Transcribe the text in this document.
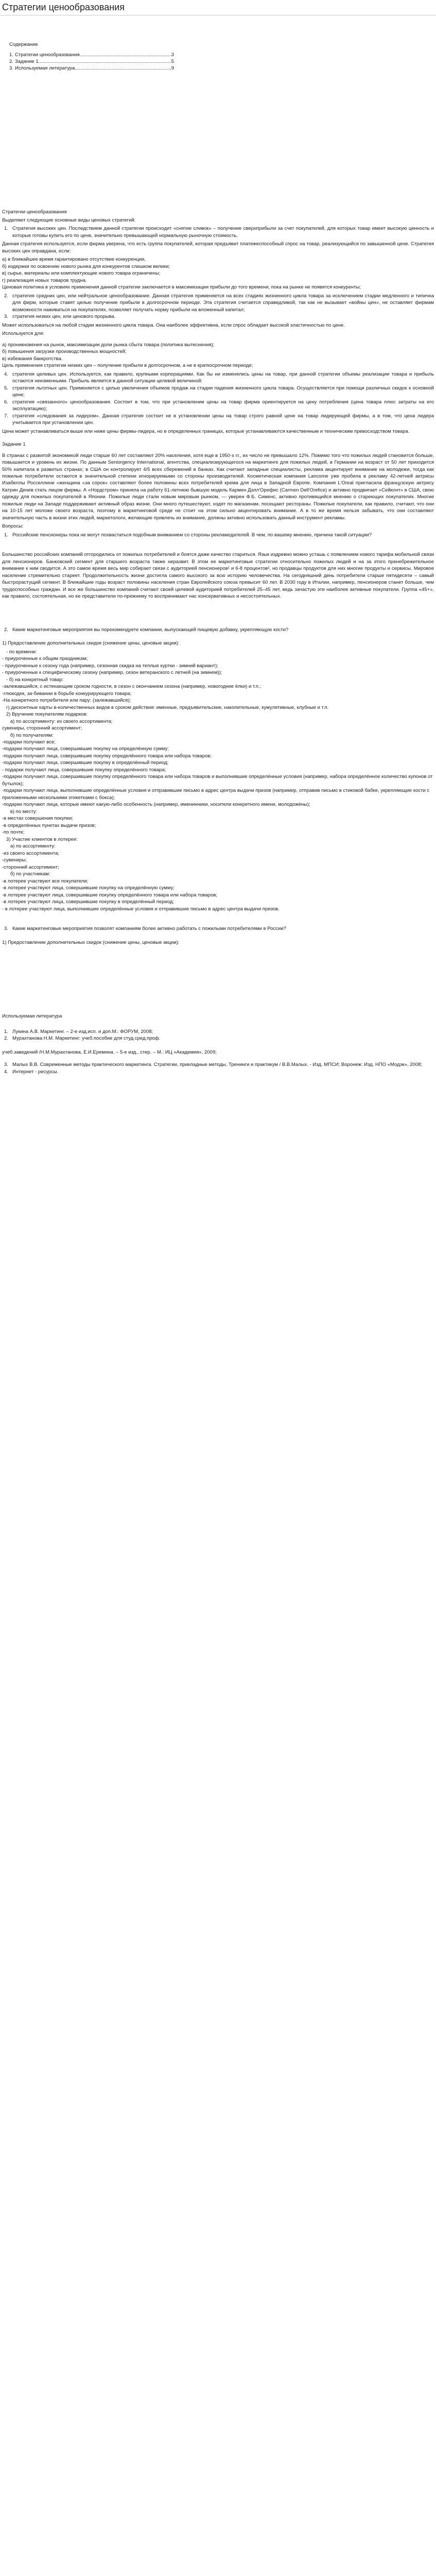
Стратегии ценообразования

Содержание

1. Стратегии ценообразования .....	3
2. Задание 1 .....	5
3. Используемая литература .....	9

Стратегии ценообразования

Выделяют следующие основные виды ценовых стратегий:

1. Стратегия высоких цен. Последствием данной стратегии происходит «снятие сливок» – получение сверхприбыли за счет покупателей, для которых товар имеет высокую ценность и которые готовы купить его по цене, значительно превышающей нормальную рыночную стоимость.

Данная стратегия используется, если фирма уверена, что есть группа покупателей, которая предъявит платежеспособный спрос на товар, реализующийся по завышенной цене. Стратегия высоких цен оправдана, если:

а) в ближайшее время гарантировано отсутствие конкуренции,

б) издержки по освоению нового рынка для конкурентов слишком велики;

в) сырье, материалы или комплектующие нового товара ограничены;

г) реализация новых товаров трудна.

Ценовая политика в условиях применения данной стратегии заключается в максимизации прибыли до того времени, пока на рынке не появятся конкуренты;

2. стратегия средних цен, или нейтральное ценообразование. Данная стратегия применяется на всех стадиях жизненного цикла товара за исключением стадии медленного и типична для фирм, которые ставят целью получение прибыли в долгосрочном периоде. Эта стратегия считается справедливой, так как не вызывает «войны цен», не оставляет фирмам возможности наживаться на покупателях, позволяет получать норму прибыли на вложенный капитал;
3. стратегия низких цен, или ценового прорыва.

Может использоваться на любой стадии жизненного цикла товара. Она наиболее эффективна, если спрос обладает высокой эластичностью по цене.

Используется для:

а) проникновения на рынок, максимизации доли рынка сбыта товара (политика вытеснения);

б) повышения загрузки производственных мощностей;

в) избежания банкротства.

Цель применения стратегии низких цен – получение прибыли в долгосрочном, а не в краткосрочном периоде;

4. стратегия целевых цен. Используется, как правило, крупными корпорациями. Как бы ни изменялись цены на товар, при данной стратегии объемы реализации товара и прибыль остаются неизменными. Прибыль является в данной ситуации целевой величиной;
5. стратегия льготных цен. Применяется с целью увеличения объемов продаж на стадии падения жизненного цикла товара. Осуществляется при помощи различных скидок к основной цене;
6. стратегия «связанного» ценообразования. Состоит в том, что при установлении цены на товар фирма ориентируется на цену потребления (цена товара плюс затраты на его эксплуатацию);
7. стратегия «следования за лидером». Данная стратегия состоит не в установлении цены на товар строго равной цене на товар лидирующей фирмы, а в том, что цена лидера учитывается при установлении цен.

Цена может устанавливаться выше или ниже цены фирмы-лидера, но в определенных границах, которые устанавливаются качественным и техническим превосходством товара.

Задание 1

В странах с развитой экономикой люди старше 60 лет составляют 20% населения, хотя еще в 1950-х гг., их число не превышало 12%. Помимо того что пожилых людей становится больше, повышается и уровень их жизни. По данным Seniorgency International, агентства, специализирующегося на маркетинге для пожилых людей, в Германии на возраст от 50 лет приходится 50% капитала в развитых странах; в США он контролирует 4/5 всех сбережений в банках. Как считают западные специалисты, реклама акцентирует внимание на молодежи, тогда как пожилые потребители остаются в значительной степени игнорируемыми со стороны производителей. Косметическая компания Lancome уже пробила в рекламу 42-летней актрисы Изабеллы Росселлини «женщина «за сорок» составляют более половины всех потребителей крема для лица в Западной Европе. Компания L'Oreal пригласила французскую актрису Катрин Денев стать лицом фирмы. А «Нордстром» приняла на работу 61-летнюю бывшую модель Кармен Дэлл'Орефис (Carmen Dell'Orefice) и активно продвигает «Сейконт» в США, свою одежду для пожилых покупателей в Японии. Пожилые люди стали новым мировым рынком, — уверен Ф.Б. Сименс, активно противящийся мнению о стареющих покупателях. Многие пожилые люди на Западе поддерживают активный образ жизни. Они много путешествуют, ходят по магазинам, посещают рестораны. Пожилые покупатели, как правило, считают, что они на 10-15 лет моложе своего возраста, поэтому в маркетинговой среде не стоит на этом сильно акцентировать внимание. А в то же время нельзя забывать, что они составляют значительную часть в жизни этих людей, маркетологи, желающие привлечь их внимание, должны активно использовать данный инструмент рекламы.

Вопросы:

1. Российские пенсионеры пока не могут похвастаться подобным вниманием со стороны рекламодателей. В чем, по вашему мнению, причина такой ситуации?

Большинство российских компаний отгородились от пожилых потребителей и боятся даже качество стариться. Язык издревно можно усташь с появлением нового тарифа мобильной связи для пенсионеров. Банковский сегмент для старшего возраста также неразвит. В этом ее маркетинговые стратегии относительно пожилых людей и на за этого пренебрежительное внимание к ним сводится. А это самое время весь мир собирает связи с аудиторией пенсионеров¹ и 6-8 процентов², но продавцы продуктов для них многие продукты и сервисы. Мировое население стремительно стареет. Продолжительность жизни достигла самого высокого за всю историю человечества. На сегодняшний день потребители старше пятидесяти – самый быстрорастущий сегмент. В ближайшие годы возраст половины населения стран Европейского союза превысит 60 лет. В 2030 году в Италии, например, пенсионеров станет больше, чем трудоспособных граждан. И все же большинство компаний считают своей целевой аудиторией потребителей 25–45 лет, ведь зачастую эти наиболее активные покупатели. Группа «45+», как правило, состоятельная, но ее представители по-прежнему то воспринимают нас консервативных и несостоятельных.

2. Какие маркетинговые мероприятия вы порекомендуете компании, выпускающей пищевую добавку, укрепляющую кости?

1) Предоставление дополнительных скидок (снижение цены, ценовые акции):

- по времени:

- приуроченные к общим праздникам;

- приуроченные к сезону года (например, сезонная скидка на теплые куртки - зимний вариант);

- приуроченные к специфическому сезону (например, сезон ветеранского с летней (на зимнем));

- б) на конкретный товар:

-залежавшийся, с истекающим сроком годности, в сезон с окончанием сезона (например, новогодние ёлки) и т.п.;

-глюкодек, за-бивании в борьбе конкурирующего товара;

-На конкретного потребителя или пару: (залежавшийся);

г) дисконтные карты в-количественных видов в сроком действия: именные, предъявительские, накопительные, кумулятивные, клубные и т.п.

2) Вручение покупателям подарков:

а) по ассортименту: из своего ассортимента;

сувениры, сторонний ассортимент;

б) по получателям:

-подарки получают все;

-подарки получают лица, совершившие покупку на определённую сумму;

-подарки получают лица, совершившие покупку определённого товара или набора товаров;

-подарки получают лица, совершившие покупку в определённый период;

- подарки получают лица, совершившие покупку определённого товара;

-подарки получают лица, совершившие покупку определённого товара или набора товаров и выполнившие определённые условия (например, набора определённое количество купонов от бутылок);

-подарки получают лица, выполнившие определённые условия и отправившие письмо в адрес центра выдачи призов (например, отправив письмо в стиковой бабке, укрепляющие кости с приложенными несколькими этикетками с бокса);

-подарки получают лица, которые имеют какую-либо особенность (например, именинники, носители конкретного имени, молодожёны);

в) по месту:

-в местах совершения покупки;

-в определённых пунктах выдачи призов;

-по почте;

3) Участие клиентов в лотерее:

а) по ассортименту:

-из своего ассортимента;

-сувениры;

-сторонний ассортимент;

б) по участникам:

-в лотерее участвуют все покупатели;

-в лотерее участвуют лица, совершившие покупку на определённую сумму;

-в лотерее участвуют лица, совершившие покупку определённого товара или набора товаров;

-в лотерее участвуют лица, совершившие покупку в определённый период;

- в лотерее участвуют лица, выполнившие определённые условия и отправившие письмо в адрес центра выдачи призов.

3. Какие маркетинговые мероприятия позволят компаниям более активно работать с пожилыми потребителями в России?

1) Предоставление дополнительных скидок (снижение цены, ценовые акции):

Используемая литература

1. Лукина А.В. Маркетинг. – 2-е изд.исп. и доп.М.: ФОРУМ, 2008;
2. Мурахтанова Н.М. Маркетинг: учеб.пособие для студ.сред.проф.

учеб.заведений /Н.М.Мурахтанова, Е.И.Еремина. – 5-е изд., стер. – М.: ИЦ «Академия», 2009;

3. Малых В.В. Современные методы практического маркетинга. Стратегии, прикладные методы, Тренинги и практикум / В.В.Малых. - Изд. МПСИ; Воронеж: Изд. НПО «Модэк», 2008;
4. Интернет - ресурсы.
